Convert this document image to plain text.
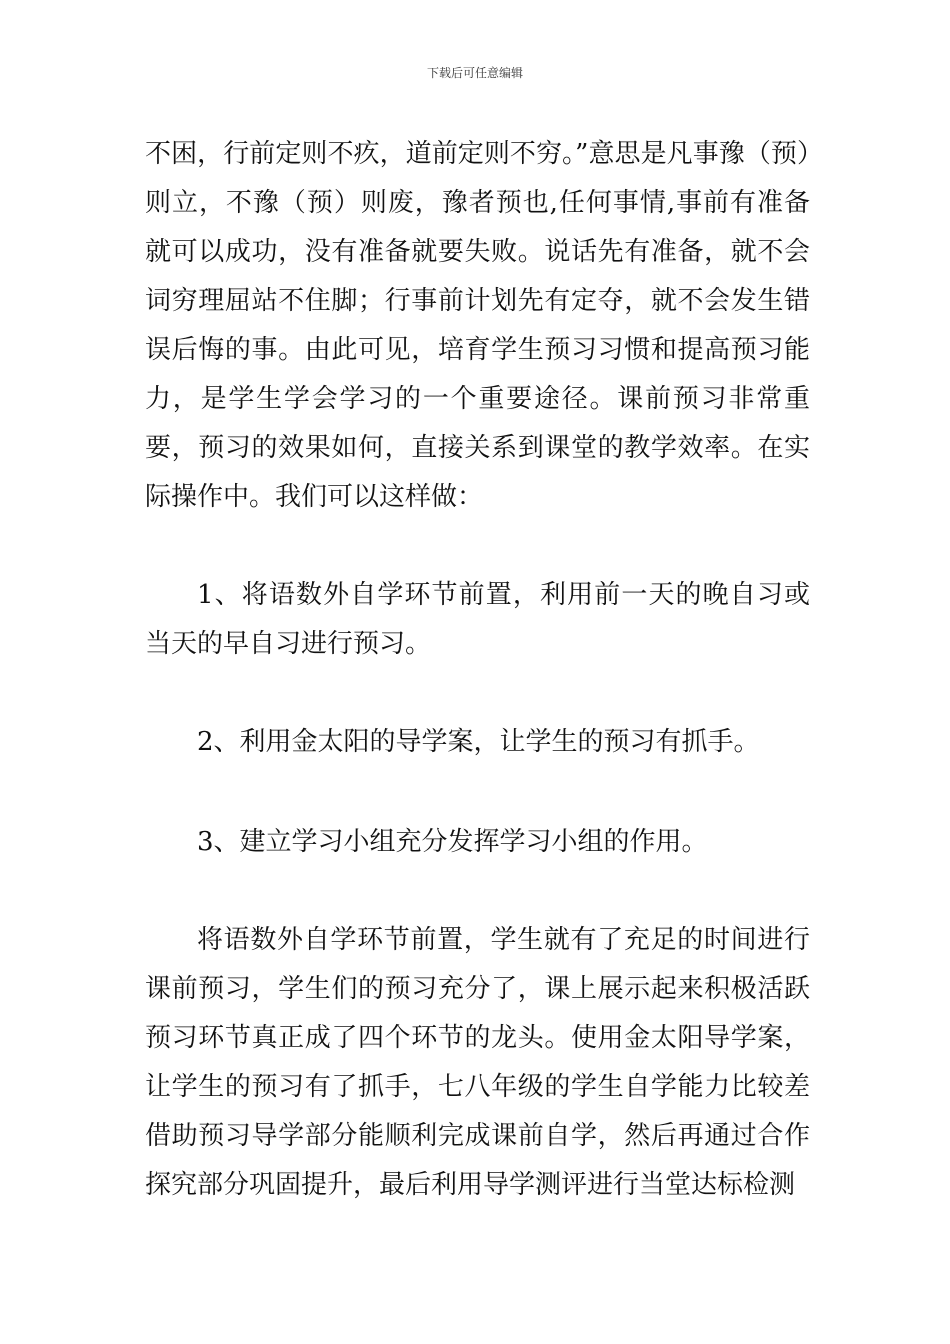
下载后可任意编辑

不困，行前定则不疚，道前定则不穷。”意思是凡事豫（预）则立，不豫（预）则废，豫者预也,任何事情,事前有准备就可以成功，没有准备就要失败。说话先有准备，就不会词穷理屈站不住脚；行事前计划先有定夺，就不会发生错误后悔的事。由此可见，培育学生预习习惯和提高预习能力，是学生学会学习的一个重要途径。课前预习非常重要，预习的效果如何，直接关系到课堂的教学效率。在实际操作中。我们可以这样做：

1、将语数外自学环节前置，利用前一天的晚自习或当天的早自习进行预习。

2、利用金太阳的导学案，让学生的预习有抓手。

3、建立学习小组充分发挥学习小组的作用。

将语数外自学环节前置，学生就有了充足的时间进行课前预习，学生们的预习充分了，课上展示起来积极活跃预习环节真正成了四个环节的龙头。使用金太阳导学案，让学生的预习有了抓手，七八年级的学生自学能力比较差借助预习导学部分能顺利完成课前自学，然后再通过合作探究部分巩固提升，最后利用导学测评进行当堂达标检测
